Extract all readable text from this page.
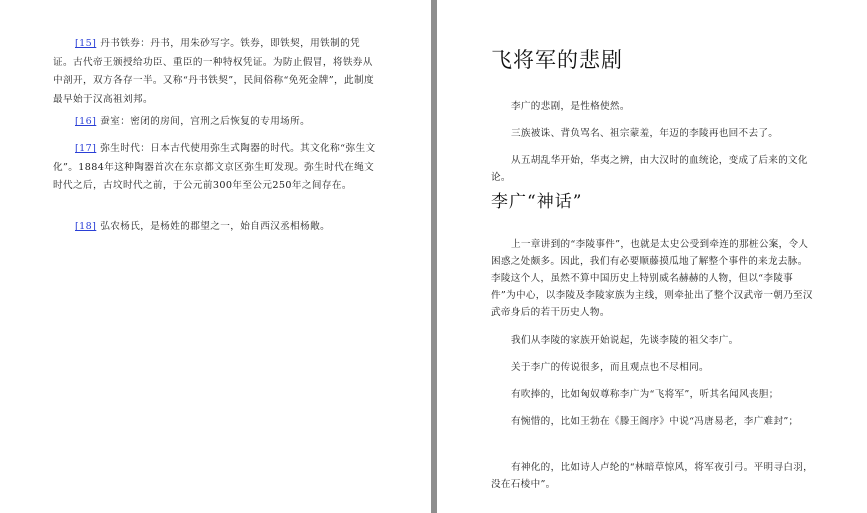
[15] 丹书铁券：丹书，用朱砂写字。铁券，即铁契，用铁制的凭证。古代帝王颁授给功臣、重臣的一种特权凭证。为防止假冒，将铁券从中剖开，双方各存一半。又称“丹书铁契”，民间俗称“免死金牌”，此制度最早始于汉高祖刘邦。
[16] 蚕室：密闭的房间，宫刑之后恢复的专用场所。
[17] 弥生时代：日本古代使用弥生式陶器的时代。其文化称“弥生文化”。1884年这种陶器首次在东京都文京区弥生町发现。弥生时代在绳文时代之后，古坟时代之前，于公元前300年至公元250年之间存在。
[18] 弘农杨氏，是杨姓的郡望之一，始自西汉丞相杨敞。
飞将军的悲剧

李广的悲剧，是性格使然。

三族被诛、背负骂名、祖宗蒙羞，年迈的李陵再也回不去了。

从五胡乱华开始，华夷之辨，由大汉时的血统论，变成了后来的文化论。

李广“神话”

上一章讲到的“李陵事件”，也就是太史公受到牵连的那桩公案，令人困惑之处颇多。因此，我们有必要顺藤摸瓜地了解整个事件的来龙去脉。李陵这个人，虽然不算中国历史上特别威名赫赫的人物，但以“李陵事件”为中心，以李陵及李陵家族为主线，则牵扯出了整个汉武帝一朝乃至汉武帝身后的若干历史人物。

我们从李陵的家族开始说起，先谈李陵的祖父李广。

关于李广的传说很多，而且观点也不尽相同。

有吹捧的，比如匈奴尊称李广为“飞将军”，听其名闻风丧胆；

有惋惜的，比如王勃在《滕王阁序》中说“冯唐易老，李广难封”；

有神化的，比如诗人卢纶的“林暗草惊风，将军夜引弓。平明寻白羽，没在石棱中”。
